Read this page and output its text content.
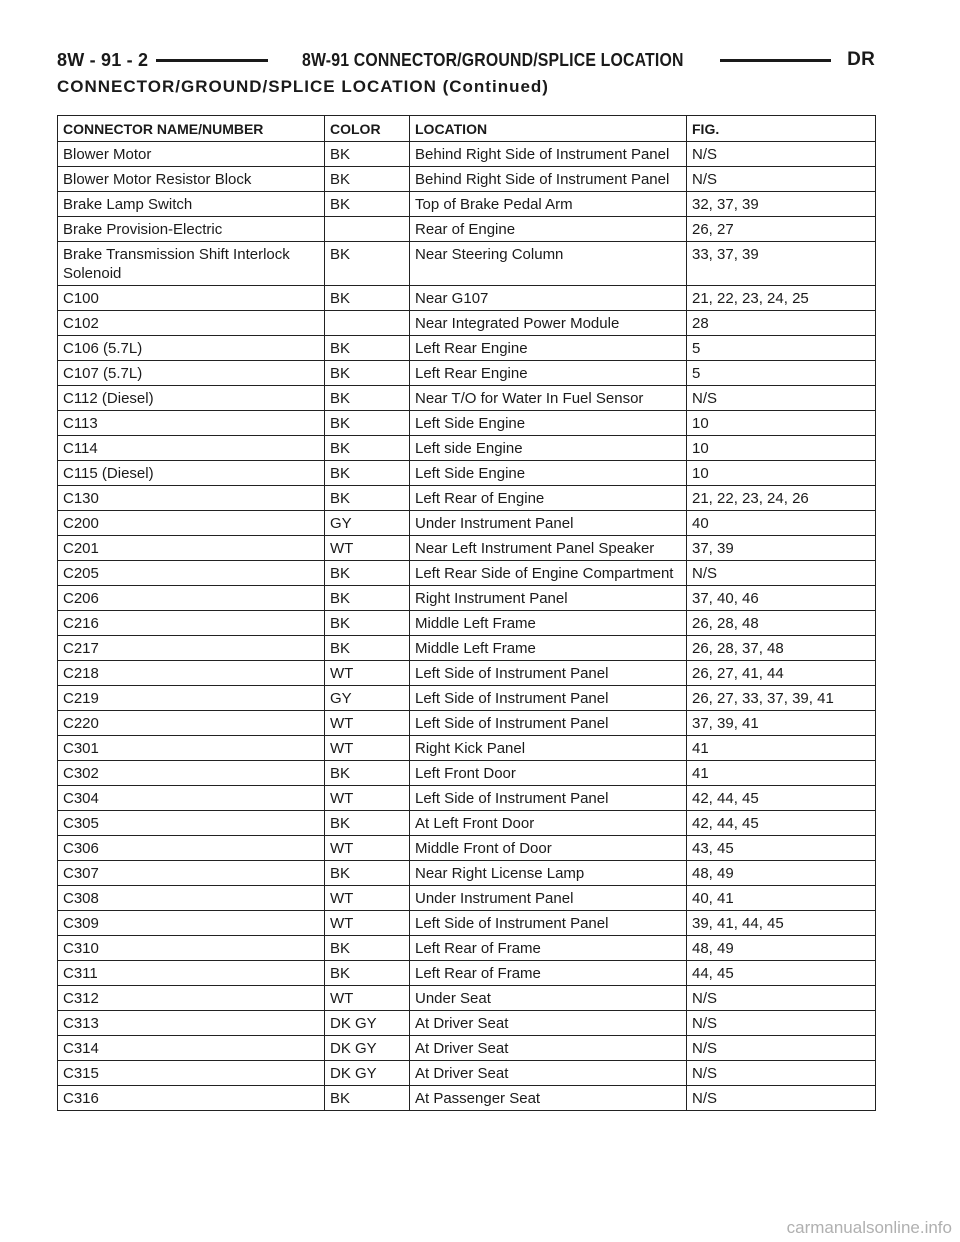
8W - 91 - 2	8W-91 CONNECTOR/GROUND/SPLICE LOCATION	DR
CONNECTOR/GROUND/SPLICE LOCATION (Continued)
CONNECTOR NAME/NUMBER	COLOR	LOCATION	FIG.
Blower Motor	BK	Behind Right Side of Instrument Panel	N/S
Blower Motor Resistor Block	BK	Behind Right Side of Instrument Panel	N/S
Brake Lamp Switch	BK	Top of Brake Pedal Arm	32, 37, 39
Brake Provision-Electric		Rear of Engine	26, 27
Brake Transmission Shift Interlock Solenoid	BK	Near Steering Column	33, 37, 39
C100	BK	Near G107	21, 22, 23, 24, 25
C102		Near Integrated Power Module	28
C106 (5.7L)	BK	Left Rear Engine	5
C107 (5.7L)	BK	Left Rear Engine	5
C112 (Diesel)	BK	Near T/O for Water In Fuel Sensor	N/S
C113	BK	Left Side Engine	10
C114	BK	Left side Engine	10
C115 (Diesel)	BK	Left Side Engine	10
C130	BK	Left Rear of Engine	21, 22, 23, 24, 26
C200	GY	Under Instrument Panel	40
C201	WT	Near Left Instrument Panel Speaker	37, 39
C205	BK	Left Rear Side of Engine Compartment	N/S
C206	BK	Right Instrument Panel	37, 40, 46
C216	BK	Middle Left Frame	26, 28, 48
C217	BK	Middle Left Frame	26, 28, 37, 48
C218	WT	Left Side of Instrument Panel	26, 27, 41, 44
C219	GY	Left Side of Instrument Panel	26, 27, 33, 37, 39, 41
C220	WT	Left Side of Instrument Panel	37, 39, 41
C301	WT	Right Kick Panel	41
C302	BK	Left Front Door	41
C304	WT	Left Side of Instrument Panel	42, 44, 45
C305	BK	At Left Front Door	42, 44, 45
C306	WT	Middle Front of Door	43, 45
C307	BK	Near Right License Lamp	48, 49
C308	WT	Under Instrument Panel	40, 41
C309	WT	Left Side of Instrument Panel	39, 41, 44, 45
C310	BK	Left Rear of Frame	48, 49
C311	BK	Left Rear of Frame	44, 45
C312	WT	Under Seat	N/S
C313	DK GY	At Driver Seat	N/S
C314	DK GY	At Driver Seat	N/S
C315	DK GY	At Driver Seat	N/S
C316	BK	At Passenger Seat	N/S
carmanualsonline.info
